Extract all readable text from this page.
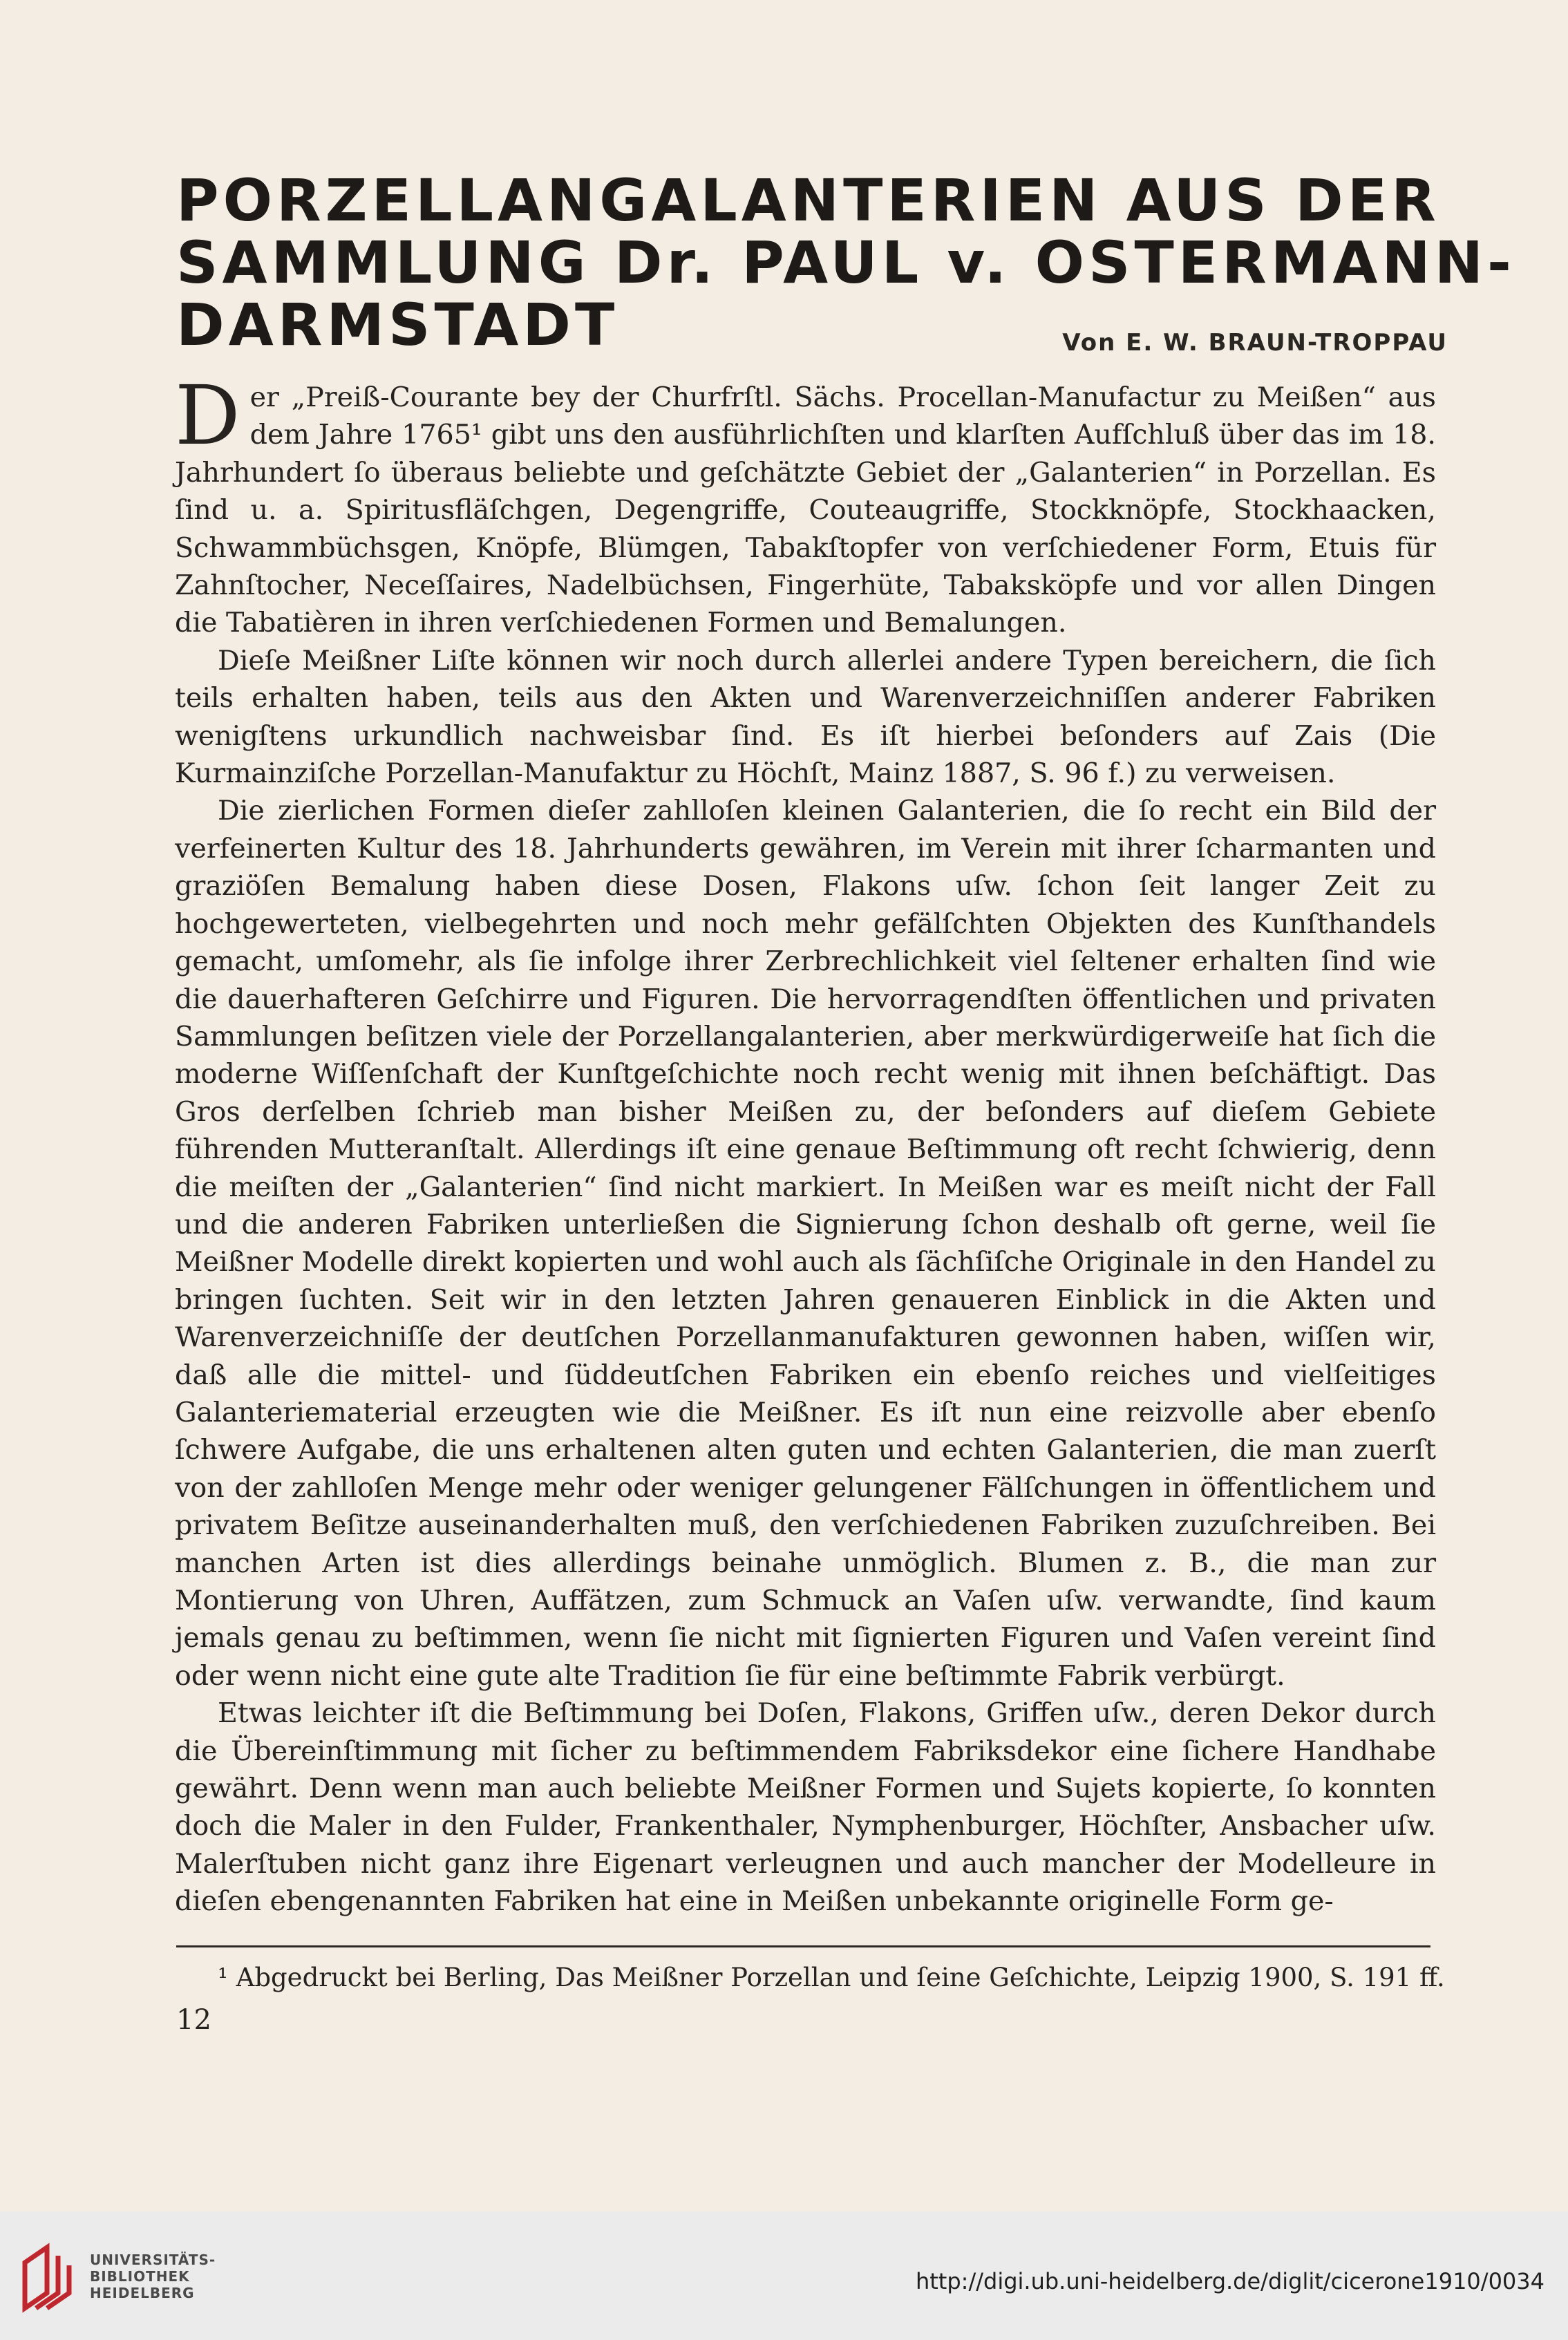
PORZELLANGALANTERIEN AUS DER
SAMMLUNG Dr. PAUL v. OSTERMANN-
DARMSTADT	Von E. W. BRAUN-TROPPAU

Der „Preiß-Courante bey der Churfrſtl. Sächs. Procellan-Manufactur zu Meißen“ aus dem Jahre 1765¹ gibt uns den ausführlichſten und klarſten Aufſchluß über das im 18. Jahrhundert ſo überaus beliebte und geſchätzte Gebiet der „Galanterien“ in Porzellan. Es ſind u. a. Spiritusfläſchgen, Degengriffe, Couteaugriffe, Stockknöpfe, Stockhaacken, Schwammbüchsgen, Knöpfe, Blümgen, Tabakſtopfer von verſchiedener Form, Etuis für Zahnſtocher, Neceſſaires, Nadelbüchsen, Fingerhüte, Tabaksköpfe und vor allen Dingen die Tabatièren in ihren verſchiedenen Formen und Bemalungen.

Dieſe Meißner Liſte können wir noch durch allerlei andere Typen bereichern, die ſich teils erhalten haben, teils aus den Akten und Warenverzeichniſſen anderer Fabriken wenigſtens urkundlich nachweisbar ſind. Es iſt hierbei beſonders auf Zais (Die Kurmainziſche Porzellan-Manufaktur zu Höchſt, Mainz 1887, S. 96 f.) zu verweisen.

Die zierlichen Formen dieſer zahlloſen kleinen Galanterien, die ſo recht ein Bild der verfeinerten Kultur des 18. Jahrhunderts gewähren, im Verein mit ihrer ſcharmanten und graziöſen Bemalung haben diese Dosen, Flakons uſw. ſchon ſeit langer Zeit zu hochgewerteten, vielbegehrten und noch mehr gefälſchten Objekten des Kunſthandels gemacht, umſomehr, als ſie infolge ihrer Zerbrechlichkeit viel ſeltener erhalten ſind wie die dauerhafteren Geſchirre und Figuren. Die hervorragendſten öffentlichen und privaten Sammlungen beſitzen viele der Porzellangalanterien, aber merkwürdigerweiſe hat ſich die moderne Wiſſenſchaft der Kunſtgeſchichte noch recht wenig mit ihnen beſchäftigt. Das Gros derſelben ſchrieb man bisher Meißen zu, der beſonders auf dieſem Gebiete führenden Mutteranſtalt. Allerdings iſt eine genaue Beſtimmung oft recht ſchwierig, denn die meiſten der „Galanterien“ ſind nicht markiert. In Meißen war es meiſt nicht der Fall und die anderen Fabriken unterließen die Signierung ſchon deshalb oft gerne, weil ſie Meißner Modelle direkt kopierten und wohl auch als ſächſiſche Originale in den Handel zu bringen ſuchten. Seit wir in den letzten Jahren genaueren Einblick in die Akten und Warenverzeichniſſe der deutſchen Porzellanmanufakturen gewonnen haben, wiſſen wir, daß alle die mittel- und ſüddeutſchen Fabriken ein ebenſo reiches und vielſeitiges Galanteriematerial erzeugten wie die Meißner. Es iſt nun eine reizvolle aber ebenſo ſchwere Aufgabe, die uns erhaltenen alten guten und echten Galanterien, die man zuerſt von der zahlloſen Menge mehr oder weniger gelungener Fälſchungen in öffentlichem und privatem Beſitze auseinanderhalten muß, den verſchiedenen Fabriken zuzuſchreiben. Bei manchen Arten ist dies allerdings beinahe unmöglich. Blumen z. B., die man zur Montierung von Uhren, Auffätzen, zum Schmuck an Vaſen uſw. verwandte, ſind kaum jemals genau zu beſtimmen, wenn ſie nicht mit ſignierten Figuren und Vaſen vereint ſind oder wenn nicht eine gute alte Tradition ſie für eine beſtimmte Fabrik verbürgt.

Etwas leichter iſt die Beſtimmung bei Doſen, Flakons, Griffen uſw., deren Dekor durch die Übereinſtimmung mit ſicher zu beſtimmendem Fabriksdekor eine ſichere Handhabe gewährt. Denn wenn man auch beliebte Meißner Formen und Sujets kopierte, ſo konnten doch die Maler in den Fulder, Frankenthaler, Nymphenburger, Höchſter, Ansbacher uſw. Malerſtuben nicht ganz ihre Eigenart verleugnen und auch mancher der Modelleure in dieſen ebengenannten Fabriken hat eine in Meißen unbekannte originelle Form ge-

¹ Abgedruckt bei Berling, Das Meißner Porzellan und ſeine Geſchichte, Leipzig 1900, S. 191 ff.
12
UNIVERSITÄTS-
BIBLIOTHEK
HEIDELBERG	http://digi.ub.uni-heidelberg.de/diglit/cicerone1910/0034
